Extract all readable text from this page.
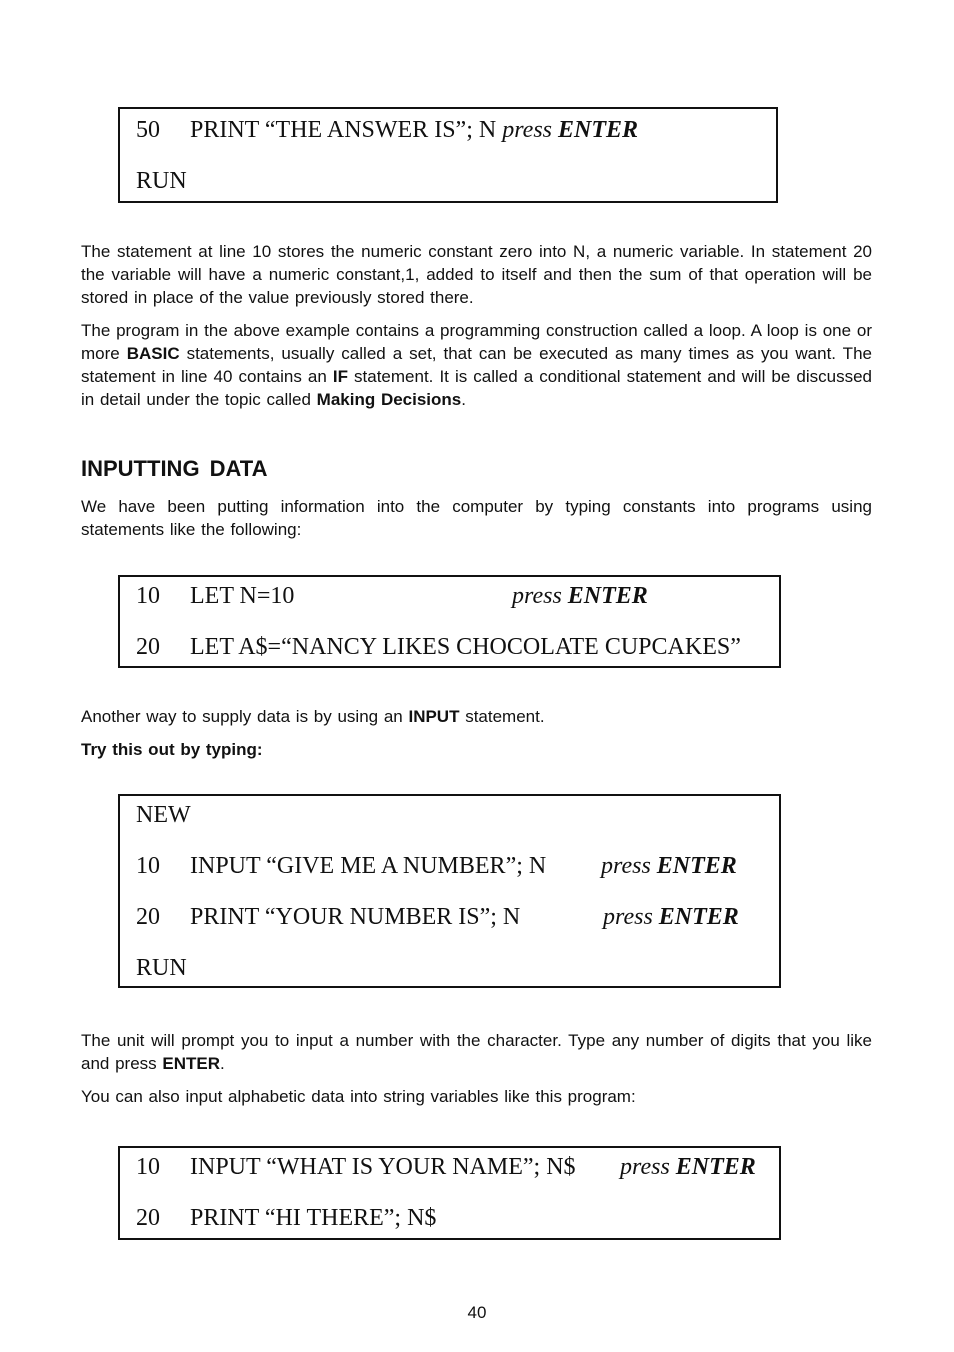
50 PRINT “THE ANSWER IS”; N press ENTER
RUN

The statement at line 10 stores the numeric constant zero into N, a numeric variable. In statement 20 the variable will have a numeric constant,1, added to itself and then the sum of that operation will be stored in place of the value previously stored there.

The program in the above example contains a programming construction called a loop. A loop is one or more BASIC statements, usually called a set, that can be executed as many times as you want. The statement in line 40 contains an IF statement. It is called a conditional statement and will be discussed in detail under the topic called Making Decisions.

INPUTTING DATA

We have been putting information into the computer by typing constants into programs using statements like the following:

10 LET N=10	press ENTER
20 LET A$=“NANCY LIKES CHOCOLATE CUPCAKES”

Another way to supply data is by using an INPUT statement.

Try this out by typing:

NEW
10 INPUT “GIVE ME A NUMBER”; N press ENTER
20 PRINT “YOUR NUMBER IS”; N	press ENTER
RUN

The unit will prompt you to input a number with the character. Type any number of digits that you like and press ENTER.

You can also input alphabetic data into string variables like this program:

10 INPUT “WHAT IS YOUR NAME”; N$ press ENTER
20 PRINT “HI THERE”; N$
40
